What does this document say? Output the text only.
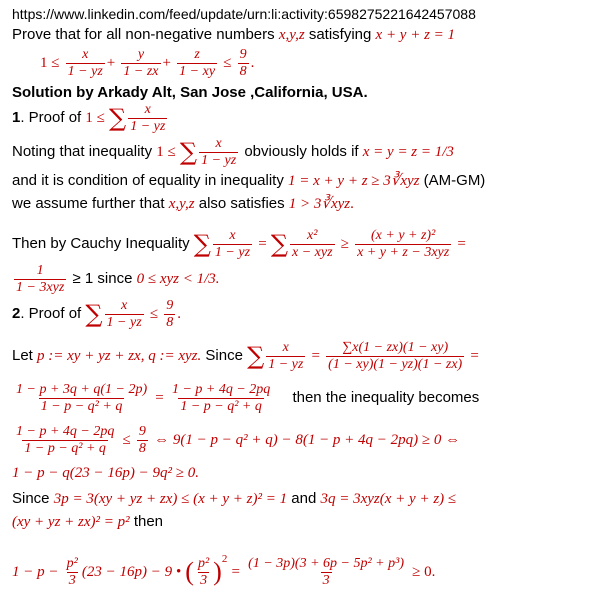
https://www.linkedin.com/feed/update/urn:li:activity:6598275221642457088
Prove that for all non-negative numbers x,y,z satisfying x + y + z = 1
$1 \le \frac{x}{1 - yz} + \frac{y}{1 - zx} + \frac{z}{1 - xy} \le \frac{9}{8}$ .
Solution by Arkady Alt, San Jose ,California, USA.
1. Proof of 1 ≤ ∑ $\frac{x}{1 - yz}$
Noting that inequality 1 ≤ ∑ $\frac{x}{1 - yz}$ obviously holds if x = y = z = 1/3
and it is condition of equality in inequality 1 = x + y + z ≥ 3∛xyz (AM-GM)
we assume further that x,y,z also satisfies 1 > 3∛xyz.
Then by Cauchy Inequality ∑ $\frac{x}{1 - yz}$ = ∑ $\frac{\text{x²}}{\text{x − xyz}} \ge \frac{\text{(x + y + z)²}}{\text{x + y + z − 3xyz}}$ =
$\frac{1}{\text{1 − 3xyz}} \ge 1$ since 0 ≤ xyz < 1/3.
2. Proof of ∑ $\frac{x}{1 - yz} \le \frac{9}{8}$ .
Let p := xy + yz + zx, q := xyz. Since ∑ $\frac{x}{1 - yz} = \frac{\sum x(1 - zx)(1 - xy)}{(1 - xy)(1 - yz)(1 - zx)}$ =
$\frac{1 - p + 3q + q(1 - 2p)}{\text{1 − p − q² + q}} = \frac{1 - p + 4q - 2pq}{\text{1 − p − q² + q}}$ then the inequality becomes
$\frac{1 - p + 4q - 2pq}{\text{1 − p − q² + q}} \le \frac{9}{8}$ ⇔ 9(1 − p − q² + q) − 8(1 − p + 4q − 2pq) ≥ 0 ⇔
1 − p − q(23 − 16p) − 9q² ≥ 0.
Since 3p = 3(xy + yz + zx) ≤ (x + y + z)² = 1 and 3q = 3xyz(x + y + z) ≤
(xy + yz + zx)² = p² then
$1 - p - \frac{\text{p²}}{3} (23 - 16p) - 9$ • ( $\frac{\text{p²}}{3} )^2 = \frac{\text{(1 − 3p)(3 + 6p − 5p² + p³)}}{3} \ge 0$.
